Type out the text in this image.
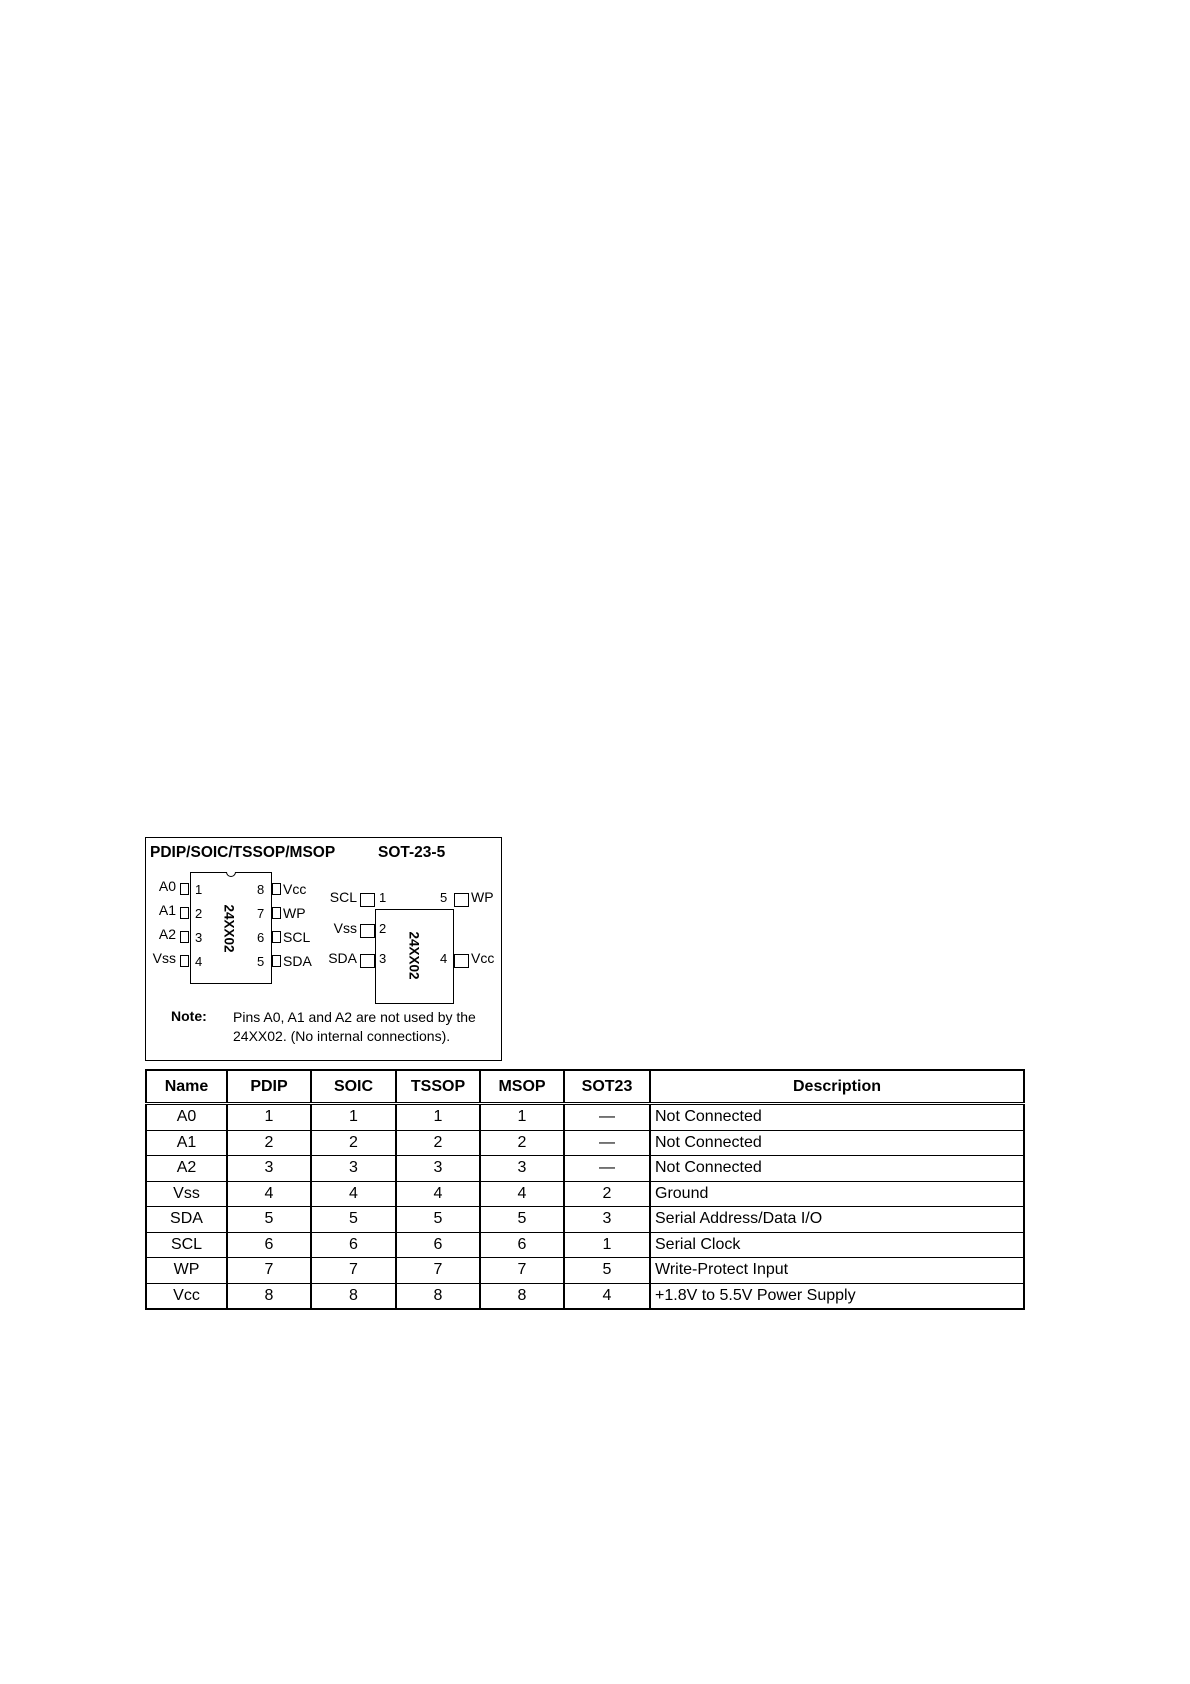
PDIP/SOIC/TSSOP/MSOP	SOT-23-5
24XX02
A0 1
A1 2
A2 3
Vss 4
8 Vcc
7 WP
6 SCL
5 SDA	24XX02
SCL 1
Vss 2
SDA 3
5 WP
4 Vcc
Note: Pins A0, A1 and A2 are not used by the 24XX02. (No internal connections).
Name	PDIP	SOIC	TSSOP	MSOP	SOT23	Description
A0	1	1	1	1	—	Not Connected
A1	2	2	2	2	—	Not Connected
A2	3	3	3	3	—	Not Connected
Vss	4	4	4	4	2	Ground
SDA	5	5	5	5	3	Serial Address/Data I/O
SCL	6	6	6	6	1	Serial Clock
WP	7	7	7	7	5	Write-Protect Input
Vcc	8	8	8	8	4	+1.8V to 5.5V Power Supply
